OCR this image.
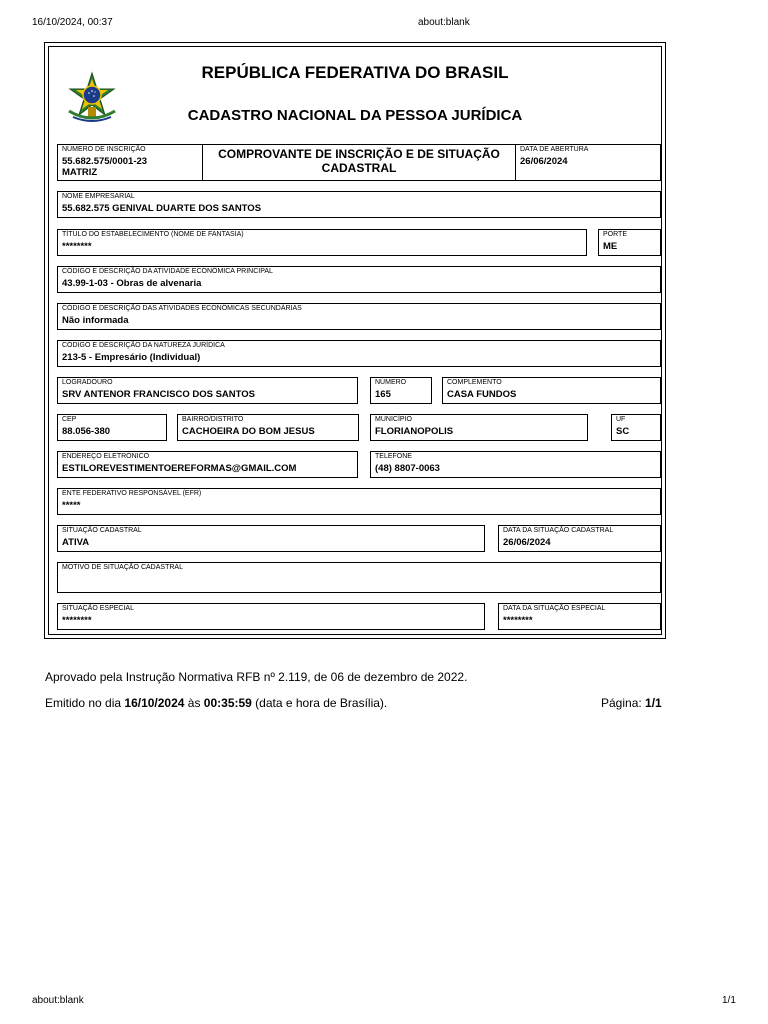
16/10/2024, 00:37	about:blank
REPÚBLICA FEDERATIVA DO BRASIL
CADASTRO NACIONAL DA PESSOA JURÍDICA
NÚMERO DE INSCRIÇÃO
55.682.575/0001-23
MATRIZ
COMPROVANTE DE INSCRIÇÃO E DE SITUAÇÃO
CADASTRAL
DATA DE ABERTURA
26/06/2024
NOME EMPRESARIAL
55.682.575 GENIVAL DUARTE DOS SANTOS
TÍTULO DO ESTABELECIMENTO (NOME DE FANTASIA)
********
PORTE
ME
CÓDIGO E DESCRIÇÃO DA ATIVIDADE ECONÔMICA PRINCIPAL
43.99-1-03 - Obras de alvenaria
CÓDIGO E DESCRIÇÃO DAS ATIVIDADES ECONÔMICAS SECUNDÁRIAS
Não informada
CÓDIGO E DESCRIÇÃO DA NATUREZA JURÍDICA
213-5 - Empresário (Individual)
LOGRADOURO
SRV ANTENOR FRANCISCO DOS SANTOS
NÚMERO
165
COMPLEMENTO
CASA FUNDOS
CEP
88.056-380
BAIRRO/DISTRITO
CACHOEIRA DO BOM JESUS
MUNICÍPIO
FLORIANOPOLIS
UF
SC
ENDEREÇO ELETRÔNICO
ESTILOREVESTIMENTOEREFORMAS@GMAIL.COM
TELEFONE
(48) 8807-0063
ENTE FEDERATIVO RESPONSÁVEL (EFR)
*****
SITUAÇÃO CADASTRAL
ATIVA
DATA DA SITUAÇÃO CADASTRAL
26/06/2024
MOTIVO DE SITUAÇÃO CADASTRAL
SITUAÇÃO ESPECIAL
********
DATA DA SITUAÇÃO ESPECIAL
********
Aprovado pela Instrução Normativa RFB nº 2.119, de 06 de dezembro de 2022.
Emitido no dia 16/10/2024 às 00:35:59 (data e hora de Brasília).	Página: 1/1
about:blank	1/1
